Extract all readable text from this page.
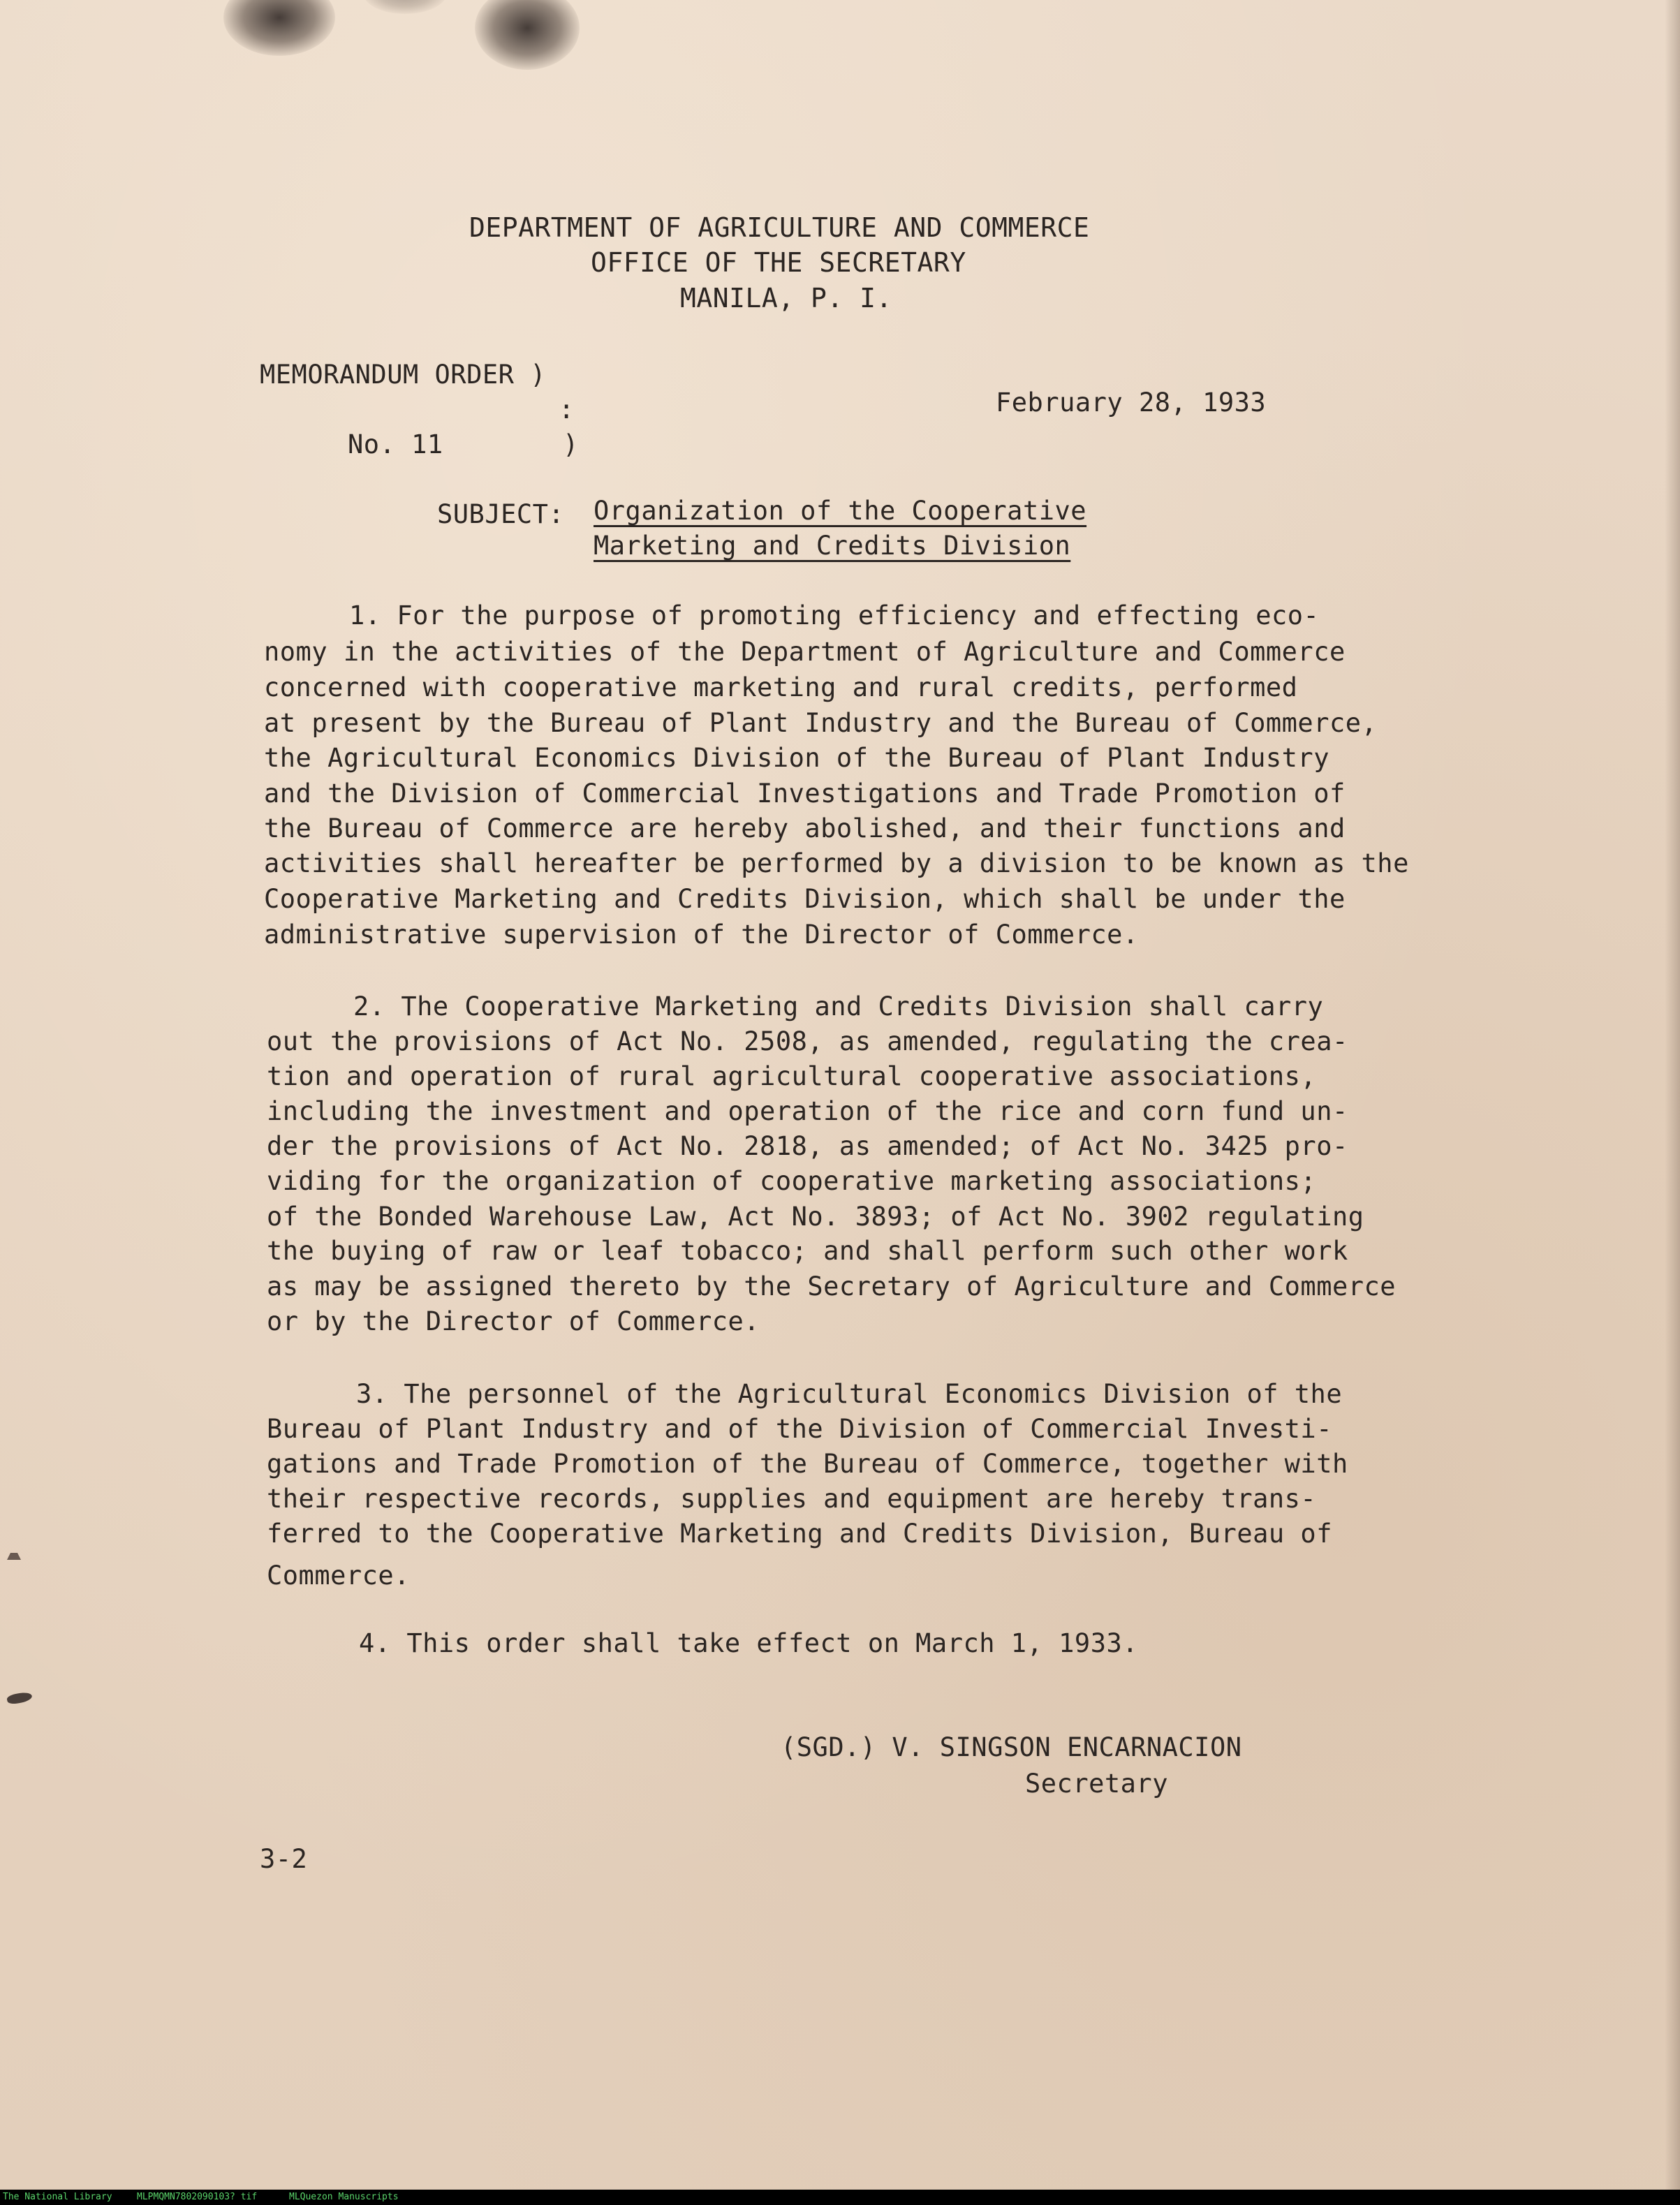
DEPARTMENT OF AGRICULTURE AND COMMERCE
OFFICE OF THE SECRETARY
MANILA, P. I.
MEMORANDUM ORDER )
:
No. 11	)
February 28, 1933
SUBJECT: Organization of the Cooperative
Marketing and Credits Division
1. For the purpose of promoting efficiency and effecting eco-
nomy in the activities of the Department of Agriculture and Commerce
concerned with cooperative marketing and rural credits, performed
at present by the Bureau of Plant Industry and the Bureau of Commerce,
the Agricultural Economics Division of the Bureau of Plant Industry
and the Division of Commercial Investigations and Trade Promotion of
the Bureau of Commerce are hereby abolished, and their functions and
activities shall hereafter be performed by a division to be known as the
Cooperative Marketing and Credits Division, which shall be under the
administrative supervision of the Director of Commerce.
2. The Cooperative Marketing and Credits Division shall carry
out the provisions of Act No. 2508, as amended, regulating the crea-
tion and operation of rural agricultural cooperative associations,
including the investment and operation of the rice and corn fund un-
der the provisions of Act No. 2818, as amended; of Act No. 3425 pro-
viding for the organization of cooperative marketing associations;
of the Bonded Warehouse Law, Act No. 3893; of Act No. 3902 regulating
the buying of raw or leaf tobacco; and shall perform such other work
as may be assigned thereto by the Secretary of Agriculture and Commerce
or by the Director of Commerce.
3. The personnel of the Agricultural Economics Division of the
Bureau of Plant Industry and of the Division of Commercial Investi-
gations and Trade Promotion of the Bureau of Commerce, together with
their respective records, supplies and equipment are hereby trans-
ferred to the Cooperative Marketing and Credits Division, Bureau of
Commerce.
4. This order shall take effect on March 1, 1933.
(SGD.) V. SINGSON ENCARNACION
Secretary
3-2
The National Library	MLPMQMN7802090103? tif	MLQuezon Manuscripts
